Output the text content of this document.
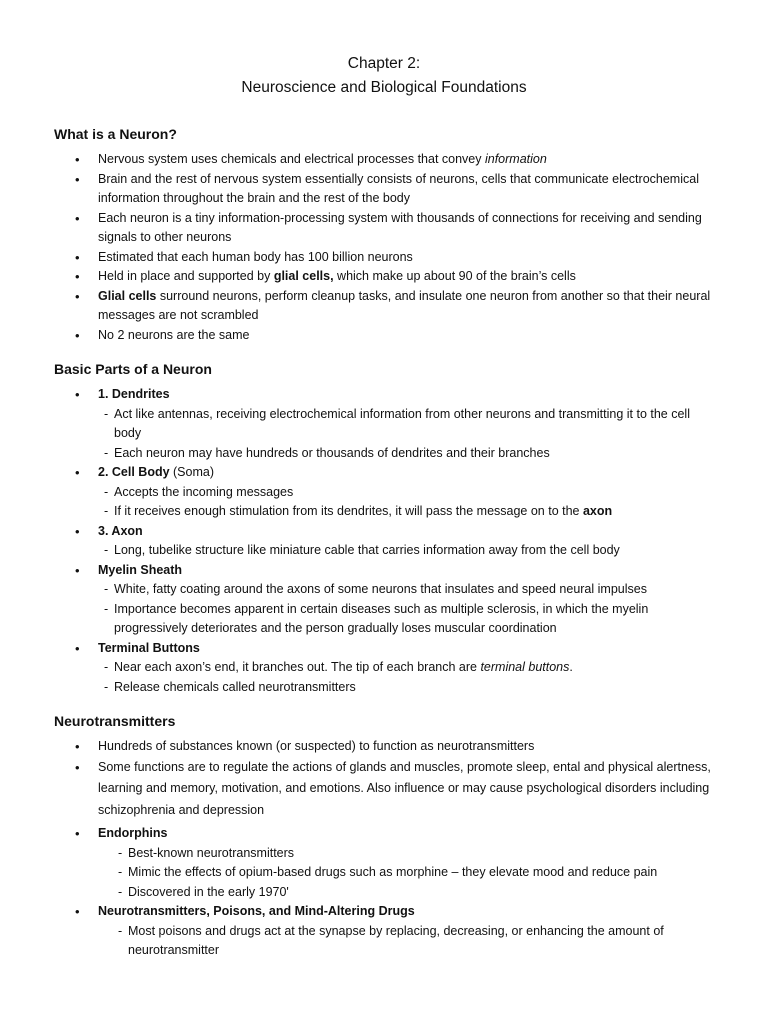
Chapter 2:
Neuroscience and Biological Foundations
What is a Neuron?
• Nervous system uses chemicals and electrical processes that convey information
• Brain and the rest of nervous system essentially consists of neurons, cells that communicate electrochemical information throughout the brain and the rest of the body
• Each neuron is a tiny information-processing system with thousands of connections for receiving and sending signals to other neurons
• Estimated that each human body has 100 billion neurons
• Held in place and supported by glial cells, which make up about 90 of the brain’s cells
• Glial cells surround neurons, perform cleanup tasks, and insulate one neuron from another so that their neural messages are not scrambled
• No 2 neurons are the same
Basic Parts of a Neuron
• 1. Dendrites
- Act like antennas, receiving electrochemical information from other neurons and transmitting it to the cell body
- Each neuron may have hundreds or thousands of dendrites and their branches
• 2. Cell Body (Soma)
- Accepts the incoming messages
- If it receives enough stimulation from its dendrites, it will pass the message on to the axon
• 3. Axon
- Long, tubelike structure like miniature cable that carries information away from the cell body
• Myelin Sheath
- White, fatty coating around the axons of some neurons that insulates and speed neural impulses
- Importance becomes apparent in certain diseases such as multiple sclerosis, in which the myelin progressively deteriorates and the person gradually loses muscular coordination
• Terminal Buttons
- Near each axon’s end, it branches out. The tip of each branch are terminal buttons.
- Release chemicals called neurotransmitters
Neurotransmitters
• Hundreds of substances known (or suspected) to function as neurotransmitters
• Some functions are to regulate the actions of glands and muscles, promote sleep, ental and physical alertness, learning and memory, motivation, and emotions. Also influence or may cause psychological disorders including schizophrenia and depression
• Endorphins
- Best-known neurotransmitters
- Mimic the effects of opium-based drugs such as morphine – they elevate mood and reduce pain
- Discovered in the early 1970'
• Neurotransmitters, Poisons, and Mind-Altering Drugs
- Most poisons and drugs act at the synapse by replacing, decreasing, or enhancing the amount of neurotransmitter
